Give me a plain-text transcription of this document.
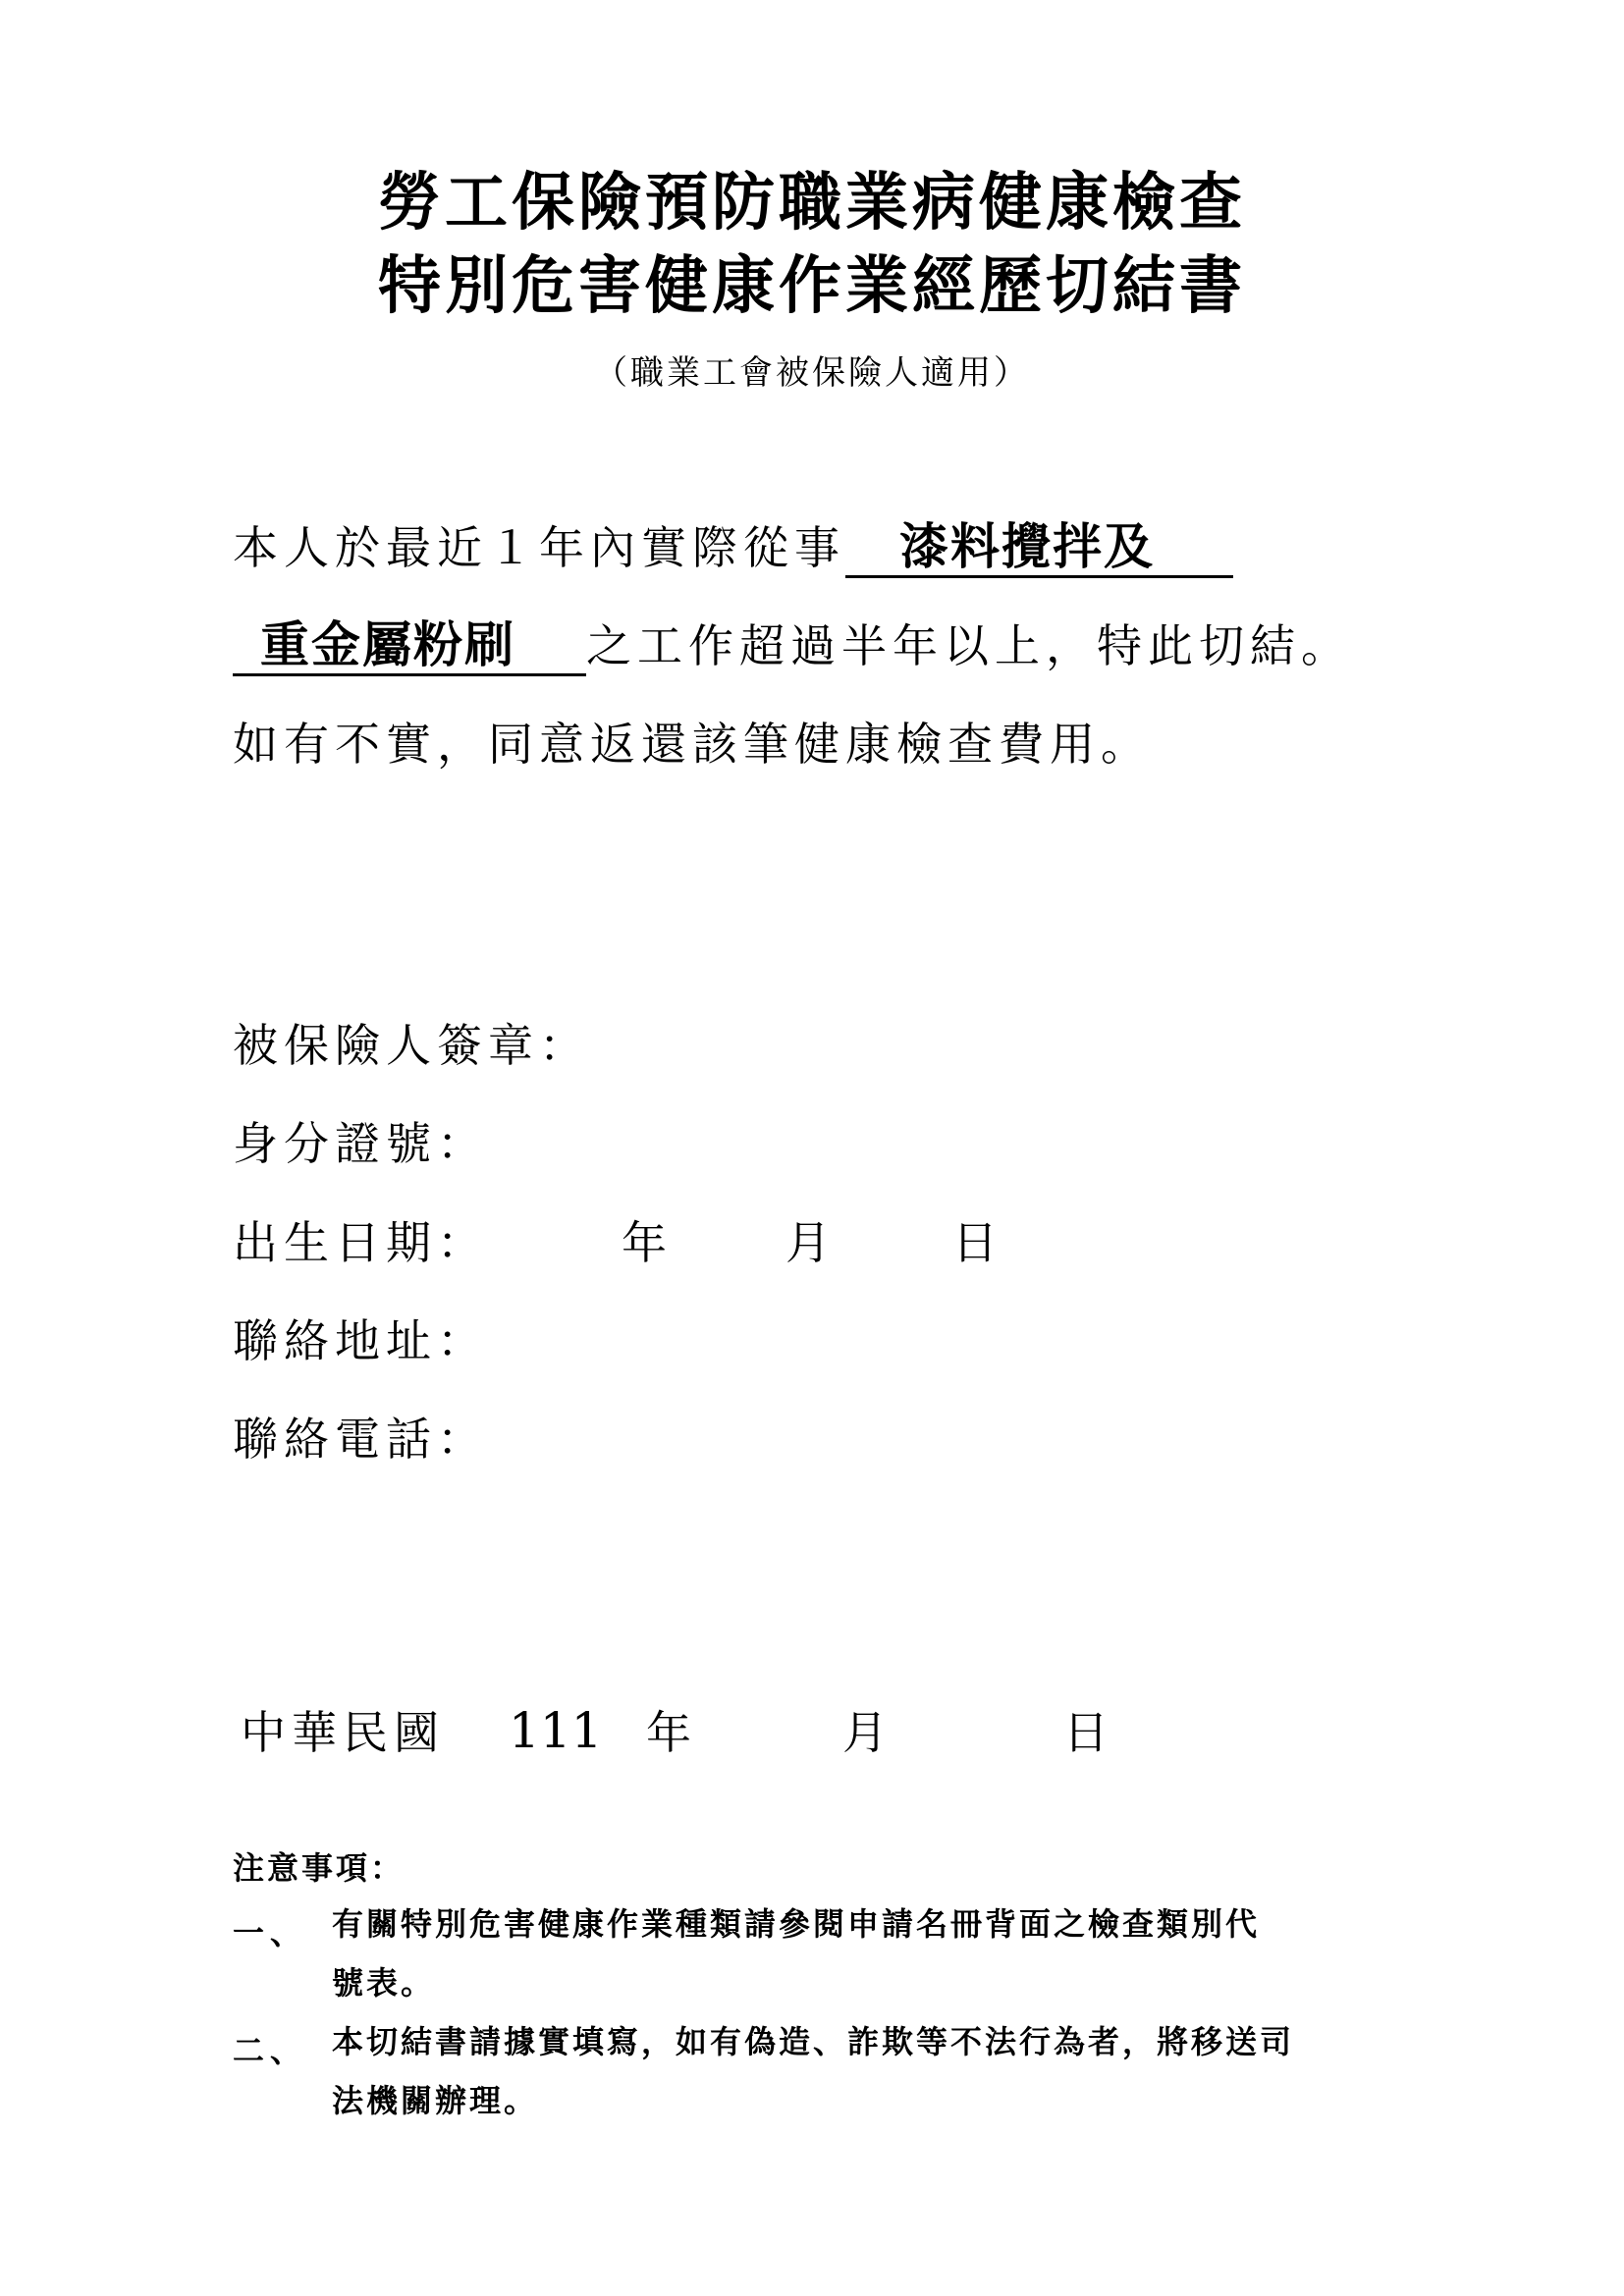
勞工保險預防職業病健康檢查
特別危害健康作業經歷切結書
（職業工會被保險人適用）
本人於最近１年內實際從事 漆料攪拌及
重金屬粉刷 之工作超過半年以上，特此切結。
如有不實，同意返還該筆健康檢查費用。
被保險人簽章：
身分證號：
出生日期：	年	月	日
聯絡地址：
聯絡電話：
中華民國 111 年	月	日
注意事項：
一、 有關特別危害健康作業種類請參閱申請名冊背面之檢查類別代
號表。
二、 本切結書請據實填寫，如有偽造、詐欺等不法行為者，將移送司
法機關辦理。
